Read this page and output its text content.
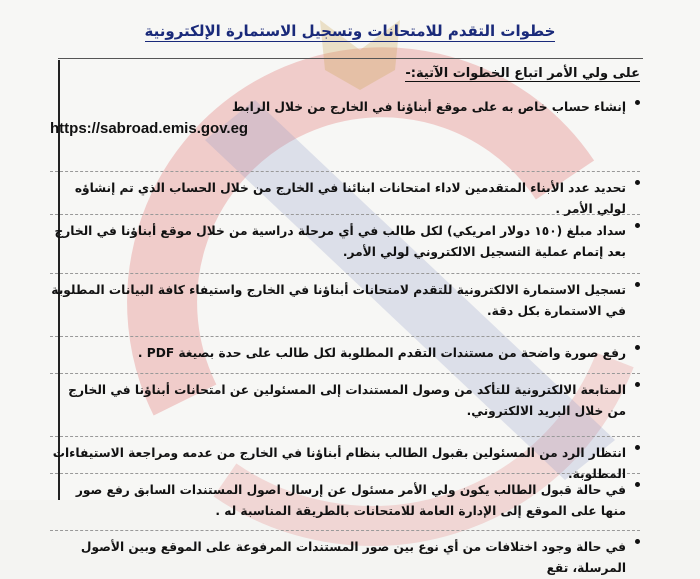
خطوات التقدم للامتحانات وتسجيل الاستمارة الإلكترونية
على ولي الأمر اتباع الخطوات الآتية:-
إنشاء حساب خاص به على موقع أبناؤنا في الخارج من خلال الرابط
https://sabroad.emis.gov.eg
تحديد عدد الأبناء المتقدمين لاداء امتحانات ابنائنا في الخارج من خلال الحساب الذي تم إنشاؤه لولي الأمر .
سداد مبلغ (١٥٠ دولار امريكي) لكل طالب في أي مرحلة دراسية من خلال موقع أبناؤنا في الخارج بعد إتمام عملية التسجيل الالكتروني لولي الأمر.
تسجيل الاستمارة الالكترونية للتقدم لامتحانات أبناؤنا في الخارج واستيفاء كافة البيانات المطلوبة في الاستمارة بكل دقة.
رفع صورة واضحة من مستندات التقدم المطلوبة لكل طالب على حدة بصيغة PDF .
المتابعة الالكترونية للتأكد من وصول المستندات إلى المسئولين عن امتحانات أبناؤنا في الخارج من خلال البريد الالكتروني.
انتظار الرد من المسئولين بقبول الطالب بنظام أبناؤنا في الخارج من عدمه ومراجعة الاستيفاءات المطلوبة.
في حالة قبول الطالب يكون ولي الأمر مسئول عن إرسال اصول المستندات السابق رفع صور منها على الموقع إلى الإدارة العامة للامتحانات بالطريقة المناسبة له .
في حالة وجود اختلافات من أي نوع بين صور المستندات المرفوعة على الموقع وبين الأصول المرسلة، تقع
